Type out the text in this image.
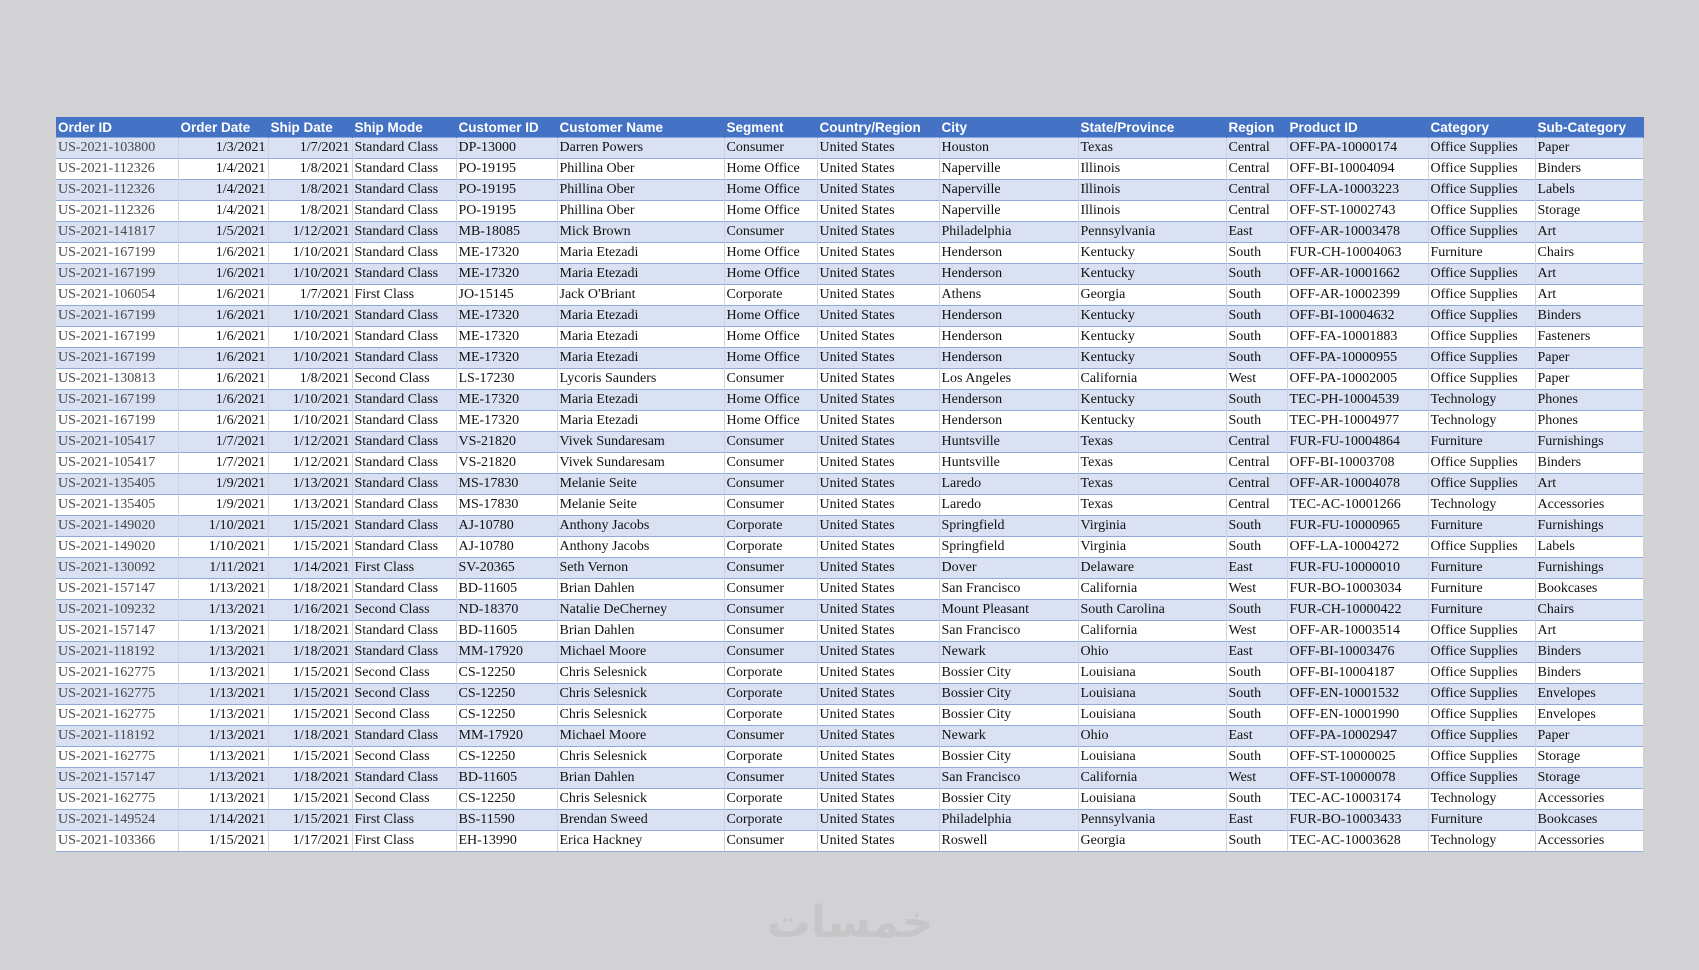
Order ID	Order Date	Ship Date	Ship Mode	Customer ID	Customer Name	Segment	Country/Region	City	State/Province	Region	Product ID	Category	Sub-Category
US-2021-103800	1/3/2021	1/7/2021	Standard Class	DP-13000	Darren Powers	Consumer	United States	Houston	Texas	Central	OFF-PA-10000174	Office Supplies	Paper
US-2021-112326	1/4/2021	1/8/2021	Standard Class	PO-19195	Phillina Ober	Home Office	United States	Naperville	Illinois	Central	OFF-BI-10004094	Office Supplies	Binders
US-2021-112326	1/4/2021	1/8/2021	Standard Class	PO-19195	Phillina Ober	Home Office	United States	Naperville	Illinois	Central	OFF-LA-10003223	Office Supplies	Labels
US-2021-112326	1/4/2021	1/8/2021	Standard Class	PO-19195	Phillina Ober	Home Office	United States	Naperville	Illinois	Central	OFF-ST-10002743	Office Supplies	Storage
US-2021-141817	1/5/2021	1/12/2021	Standard Class	MB-18085	Mick Brown	Consumer	United States	Philadelphia	Pennsylvania	East	OFF-AR-10003478	Office Supplies	Art
US-2021-167199	1/6/2021	1/10/2021	Standard Class	ME-17320	Maria Etezadi	Home Office	United States	Henderson	Kentucky	South	FUR-CH-10004063	Furniture	Chairs
US-2021-167199	1/6/2021	1/10/2021	Standard Class	ME-17320	Maria Etezadi	Home Office	United States	Henderson	Kentucky	South	OFF-AR-10001662	Office Supplies	Art
US-2021-106054	1/6/2021	1/7/2021	First Class	JO-15145	Jack O'Briant	Corporate	United States	Athens	Georgia	South	OFF-AR-10002399	Office Supplies	Art
US-2021-167199	1/6/2021	1/10/2021	Standard Class	ME-17320	Maria Etezadi	Home Office	United States	Henderson	Kentucky	South	OFF-BI-10004632	Office Supplies	Binders
US-2021-167199	1/6/2021	1/10/2021	Standard Class	ME-17320	Maria Etezadi	Home Office	United States	Henderson	Kentucky	South	OFF-FA-10001883	Office Supplies	Fasteners
US-2021-167199	1/6/2021	1/10/2021	Standard Class	ME-17320	Maria Etezadi	Home Office	United States	Henderson	Kentucky	South	OFF-PA-10000955	Office Supplies	Paper
US-2021-130813	1/6/2021	1/8/2021	Second Class	LS-17230	Lycoris Saunders	Consumer	United States	Los Angeles	California	West	OFF-PA-10002005	Office Supplies	Paper
US-2021-167199	1/6/2021	1/10/2021	Standard Class	ME-17320	Maria Etezadi	Home Office	United States	Henderson	Kentucky	South	TEC-PH-10004539	Technology	Phones
US-2021-167199	1/6/2021	1/10/2021	Standard Class	ME-17320	Maria Etezadi	Home Office	United States	Henderson	Kentucky	South	TEC-PH-10004977	Technology	Phones
US-2021-105417	1/7/2021	1/12/2021	Standard Class	VS-21820	Vivek Sundaresam	Consumer	United States	Huntsville	Texas	Central	FUR-FU-10004864	Furniture	Furnishings
US-2021-105417	1/7/2021	1/12/2021	Standard Class	VS-21820	Vivek Sundaresam	Consumer	United States	Huntsville	Texas	Central	OFF-BI-10003708	Office Supplies	Binders
US-2021-135405	1/9/2021	1/13/2021	Standard Class	MS-17830	Melanie Seite	Consumer	United States	Laredo	Texas	Central	OFF-AR-10004078	Office Supplies	Art
US-2021-135405	1/9/2021	1/13/2021	Standard Class	MS-17830	Melanie Seite	Consumer	United States	Laredo	Texas	Central	TEC-AC-10001266	Technology	Accessories
US-2021-149020	1/10/2021	1/15/2021	Standard Class	AJ-10780	Anthony Jacobs	Corporate	United States	Springfield	Virginia	South	FUR-FU-10000965	Furniture	Furnishings
US-2021-149020	1/10/2021	1/15/2021	Standard Class	AJ-10780	Anthony Jacobs	Corporate	United States	Springfield	Virginia	South	OFF-LA-10004272	Office Supplies	Labels
US-2021-130092	1/11/2021	1/14/2021	First Class	SV-20365	Seth Vernon	Consumer	United States	Dover	Delaware	East	FUR-FU-10000010	Furniture	Furnishings
US-2021-157147	1/13/2021	1/18/2021	Standard Class	BD-11605	Brian Dahlen	Consumer	United States	San Francisco	California	West	FUR-BO-10003034	Furniture	Bookcases
US-2021-109232	1/13/2021	1/16/2021	Second Class	ND-18370	Natalie DeCherney	Consumer	United States	Mount Pleasant	South Carolina	South	FUR-CH-10000422	Furniture	Chairs
US-2021-157147	1/13/2021	1/18/2021	Standard Class	BD-11605	Brian Dahlen	Consumer	United States	San Francisco	California	West	OFF-AR-10003514	Office Supplies	Art
US-2021-118192	1/13/2021	1/18/2021	Standard Class	MM-17920	Michael Moore	Consumer	United States	Newark	Ohio	East	OFF-BI-10003476	Office Supplies	Binders
US-2021-162775	1/13/2021	1/15/2021	Second Class	CS-12250	Chris Selesnick	Corporate	United States	Bossier City	Louisiana	South	OFF-BI-10004187	Office Supplies	Binders
US-2021-162775	1/13/2021	1/15/2021	Second Class	CS-12250	Chris Selesnick	Corporate	United States	Bossier City	Louisiana	South	OFF-EN-10001532	Office Supplies	Envelopes
US-2021-162775	1/13/2021	1/15/2021	Second Class	CS-12250	Chris Selesnick	Corporate	United States	Bossier City	Louisiana	South	OFF-EN-10001990	Office Supplies	Envelopes
US-2021-118192	1/13/2021	1/18/2021	Standard Class	MM-17920	Michael Moore	Consumer	United States	Newark	Ohio	East	OFF-PA-10002947	Office Supplies	Paper
US-2021-162775	1/13/2021	1/15/2021	Second Class	CS-12250	Chris Selesnick	Corporate	United States	Bossier City	Louisiana	South	OFF-ST-10000025	Office Supplies	Storage
US-2021-157147	1/13/2021	1/18/2021	Standard Class	BD-11605	Brian Dahlen	Consumer	United States	San Francisco	California	West	OFF-ST-10000078	Office Supplies	Storage
US-2021-162775	1/13/2021	1/15/2021	Second Class	CS-12250	Chris Selesnick	Corporate	United States	Bossier City	Louisiana	South	TEC-AC-10003174	Technology	Accessories
US-2021-149524	1/14/2021	1/15/2021	First Class	BS-11590	Brendan Sweed	Corporate	United States	Philadelphia	Pennsylvania	East	FUR-BO-10003433	Furniture	Bookcases
US-2021-103366	1/15/2021	1/17/2021	First Class	EH-13990	Erica Hackney	Consumer	United States	Roswell	Georgia	South	TEC-AC-10003628	Technology	Accessories
خمسات
